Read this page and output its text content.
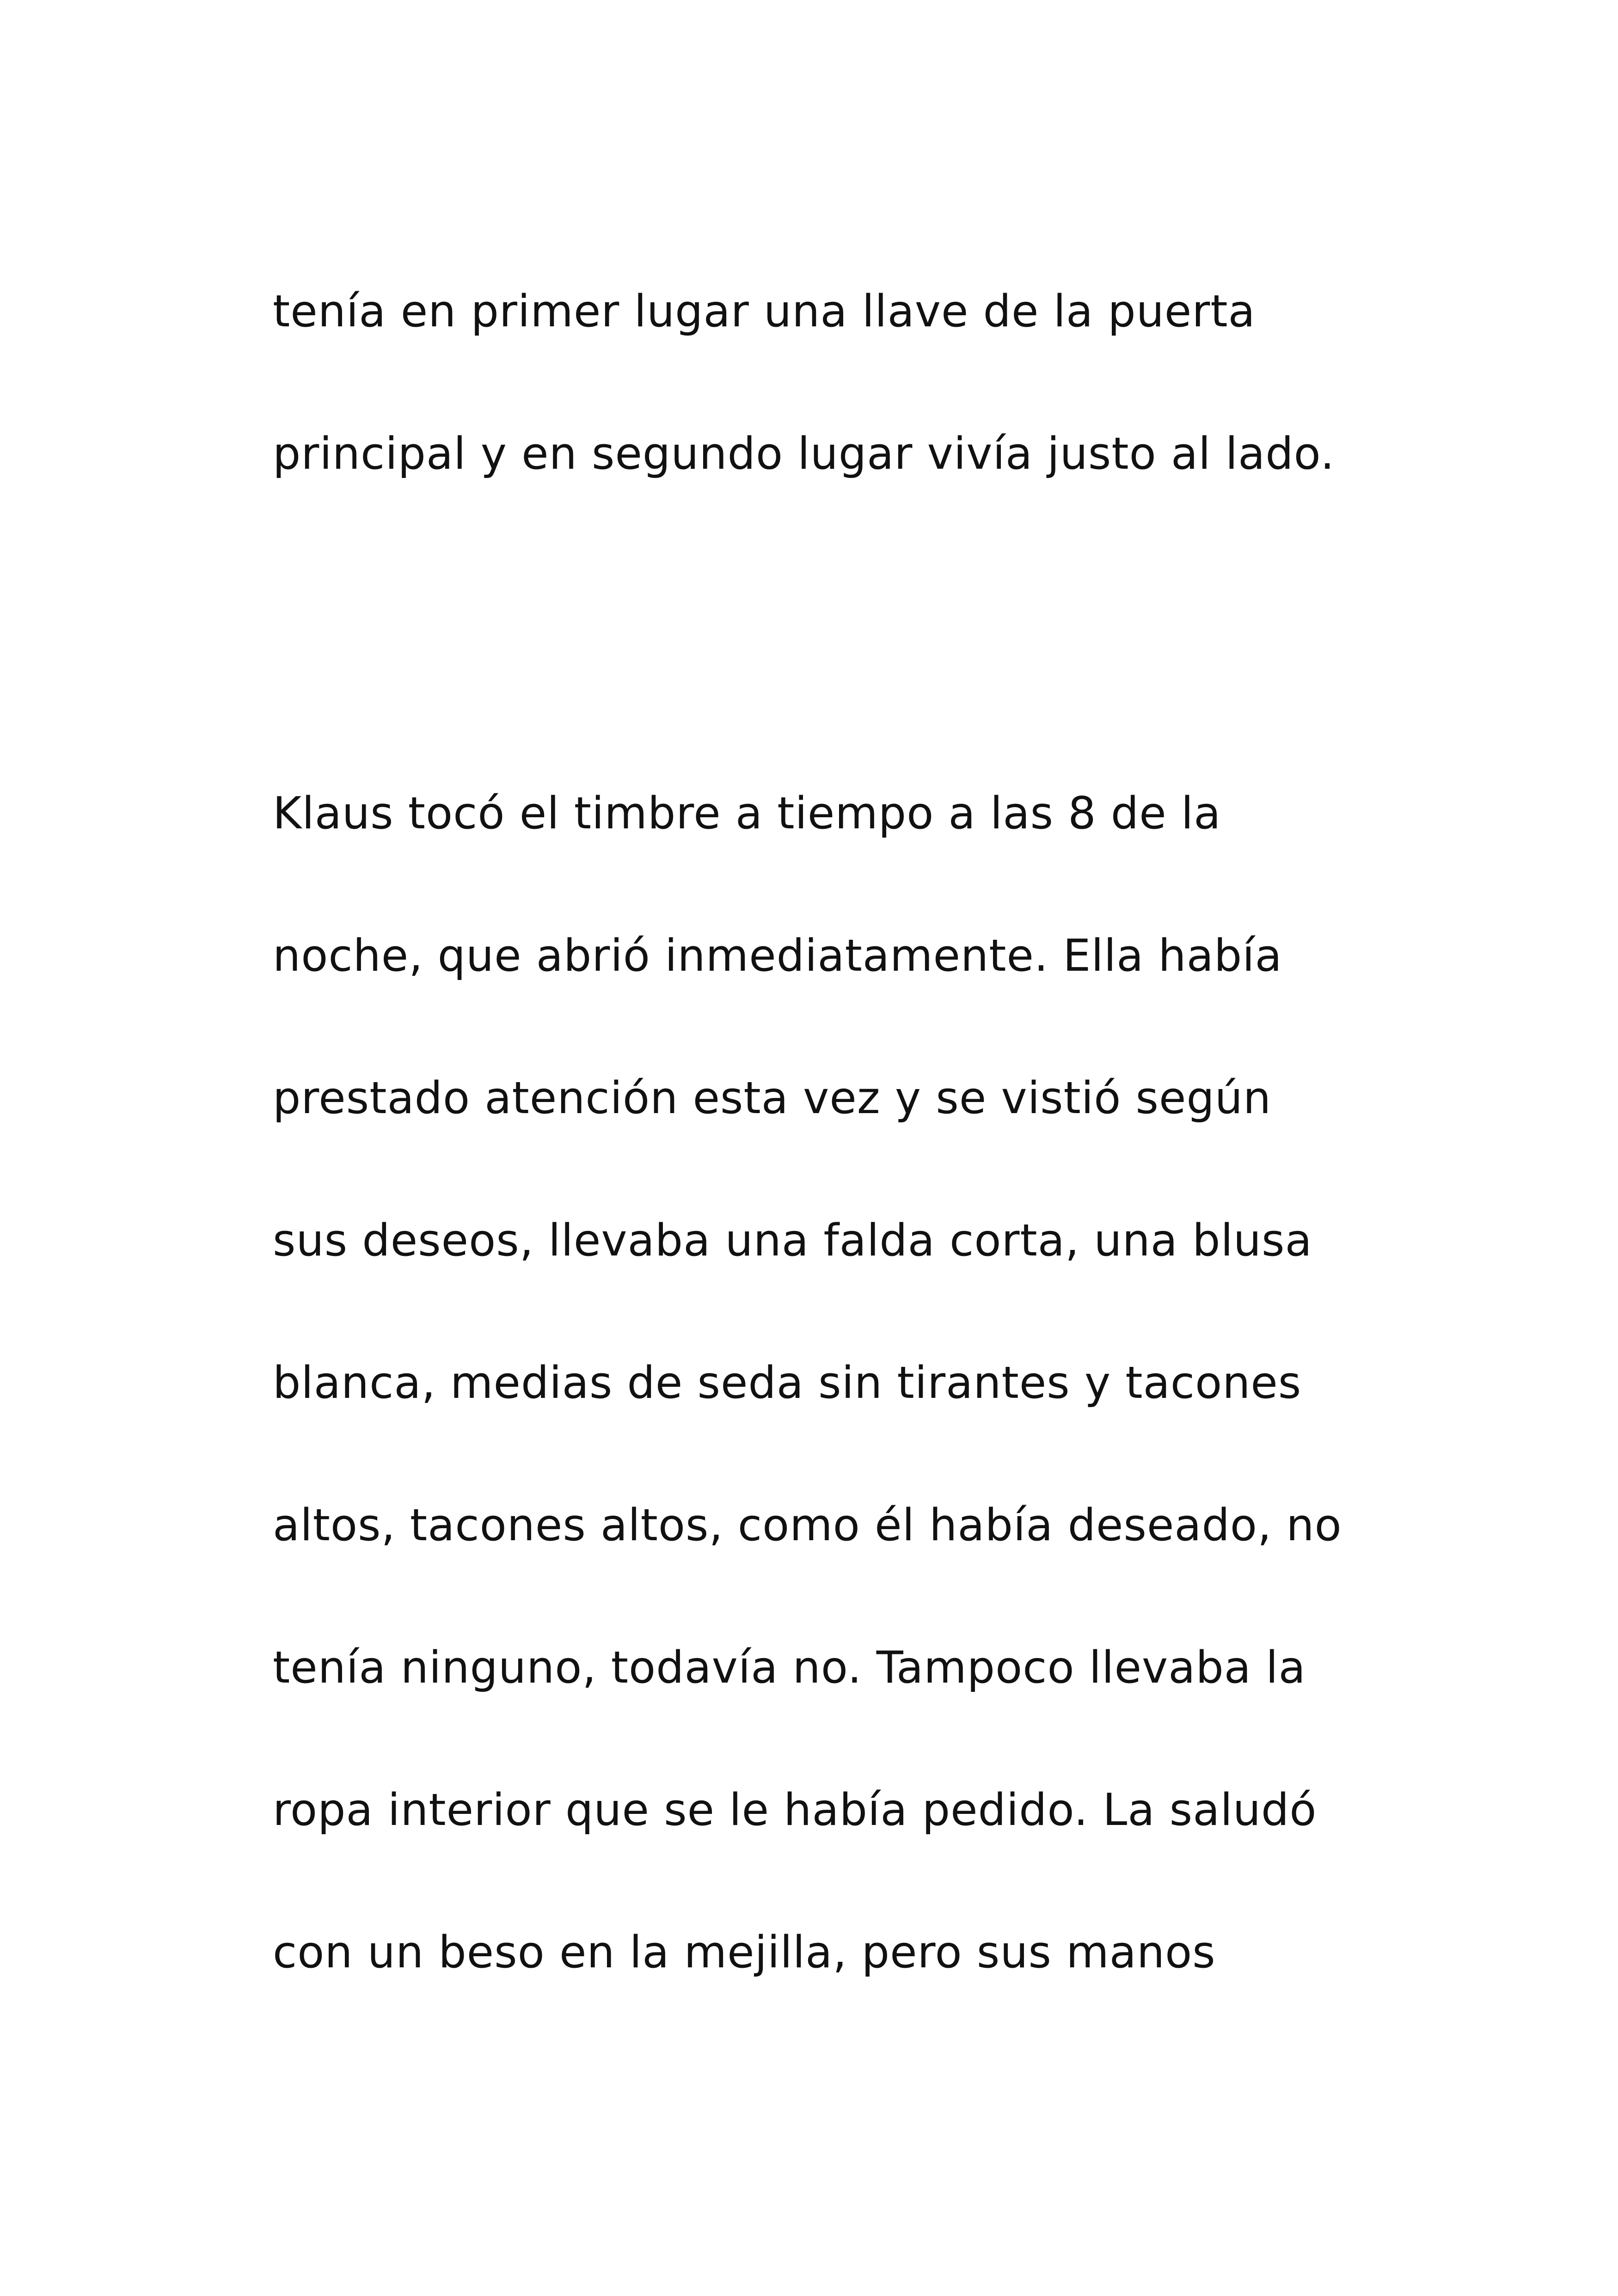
tenía en primer lugar una llave de la puerta
principal y en segundo lugar vivía justo al lado.
Klaus tocó el timbre a tiempo a las 8 de la
noche, que abrió inmediatamente. Ella había
prestado atención esta vez y se vistió según
sus deseos, llevaba una falda corta, una blusa
blanca, medias de seda sin tirantes y tacones
altos, tacones altos, como él había deseado, no
tenía ninguno, todavía no. Tampoco llevaba la
ropa interior que se le había pedido. La saludó
con un beso en la mejilla, pero sus manos
